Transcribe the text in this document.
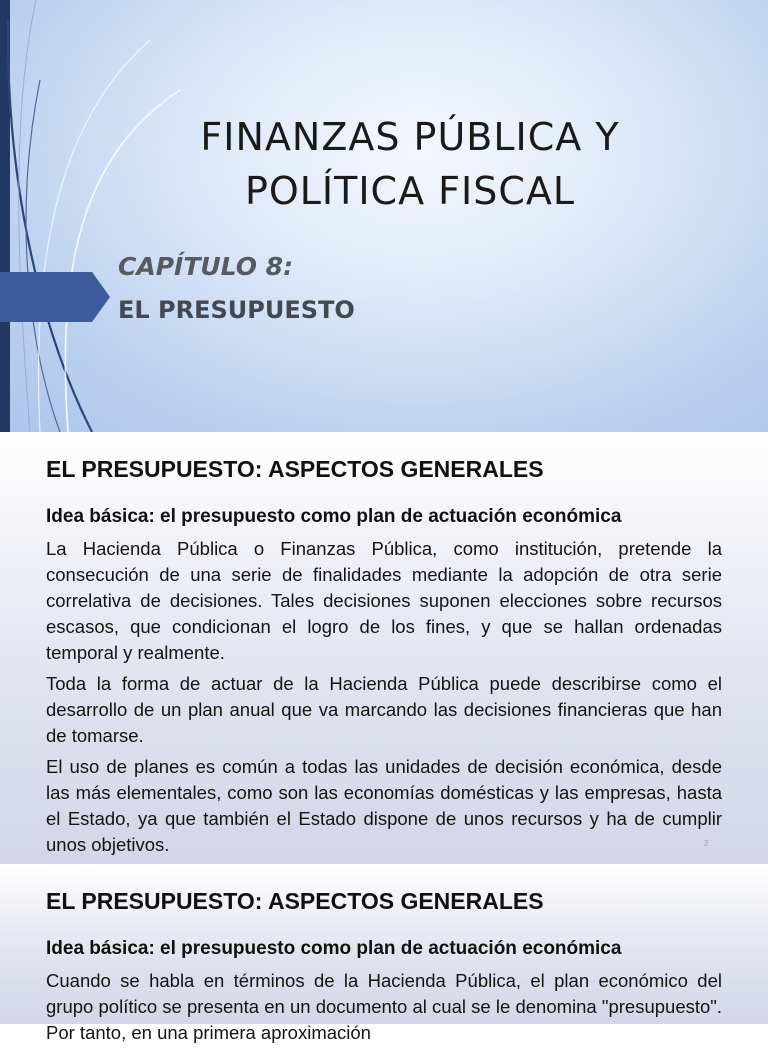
FINANZAS PÚBLICA Y
POLÍTICA FISCAL
CAPÍTULO 8:
EL PRESUPUESTO
EL PRESUPUESTO: ASPECTOS GENERALES
Idea básica: el presupuesto como plan de actuación económica

La Hacienda Pública o Finanzas Pública, como institución, pretende la consecución de una serie de finalidades mediante la adopción de otra serie correlativa de decisiones. Tales decisiones suponen elecciones sobre recursos escasos, que condicionan el logro de los fines, y que se hallan ordenadas temporal y realmente.

Toda la forma de actuar de la Hacienda Pública puede describirse como el desarrollo de un plan anual que va marcando las decisiones financieras que han de tomarse.

El uso de planes es común a todas las unidades de decisión económica, desde las más elementales, como son las economías domésticas y las empresas, hasta el Estado, ya que también el Estado dispone de unos recursos y ha de cumplir unos objetivos.	2
EL PRESUPUESTO: ASPECTOS GENERALES
Idea básica: el presupuesto como plan de actuación económica

Cuando se habla en términos de la Hacienda Pública, el plan económico del grupo político se presenta en un documento al cual se le denomina "presupuesto". Por tanto, en una primera aproximación
